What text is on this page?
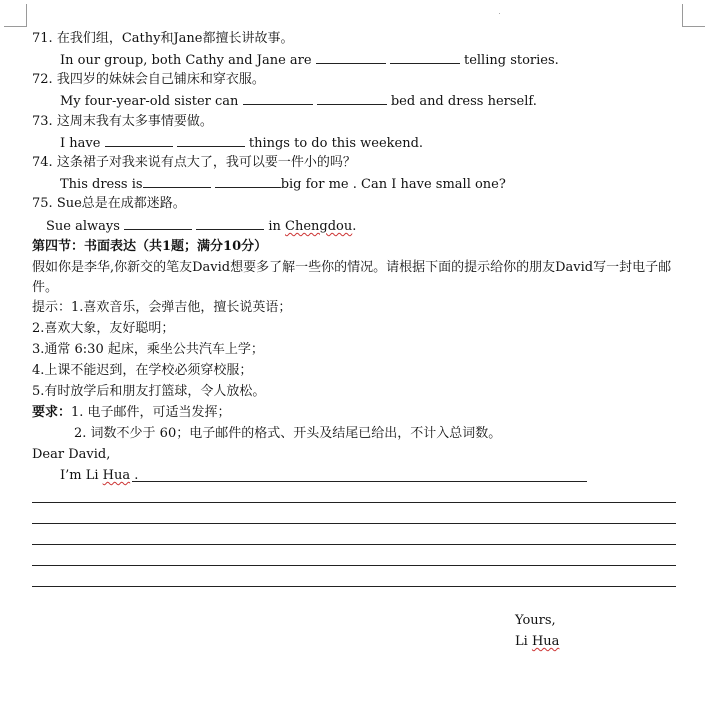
71. 在我们组，Cathy和Jane都擅长讲故事。
In our group, both Cathy and Jane are	telling stories.
72. 我四岁的妹妹会自己铺床和穿衣服。
My four-year-old sister can	bed and dress herself.
73. 这周末我有太多事情要做。
I have	things to do this weekend.
74. 这条裙子对我来说有点大了，我可以要一件小的吗？
This dress is	big for me . Can I have small one?
75. Sue总是在成都迷路。
Sue always	in Chengdou.
第四节：书面表达（共1题；满分10分）
假如你是李华,你新交的笔友David想要多了解一些你的情况。请根据下面的提示给你的朋友David写一封电子邮件。
提示：1.喜欢音乐，会弹吉他，擅长说英语；
2.喜欢大象，友好聪明；
3.通常 6:30 起床，乘坐公共汽车上学；
4.上课不能迟到，在学校必须穿校服；
5.有时放学后和朋友打篮球，令人放松。
要求：1. 电子邮件，可适当发挥；
2. 词数不少于 60；电子邮件的格式、开头及结尾已给出，不计入总词数。
Dear David,
I’m Li Hua .
Yours,
Li Hua
